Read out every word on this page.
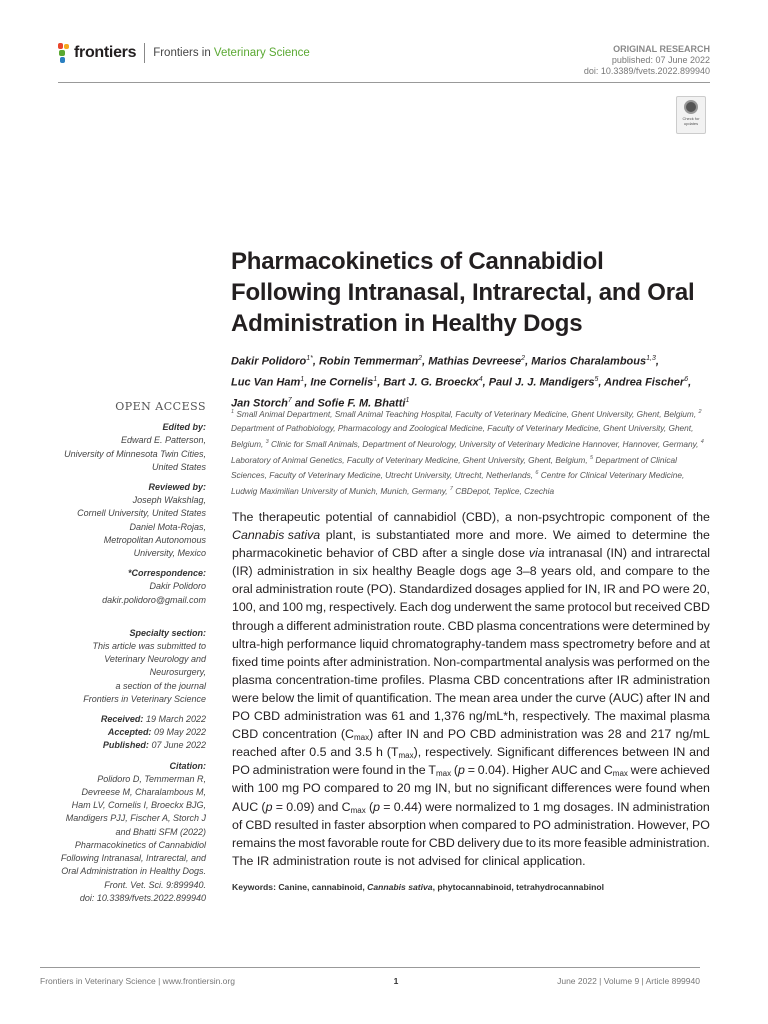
frontiers Frontiers in Veterinary Science	ORIGINAL RESEARCH
published: 07 June 2022
doi: 10.3389/fvets.2022.899940
Check for updates
Pharmacokinetics of Cannabidiol Following Intranasal, Intrarectal, and Oral Administration in Healthy Dogs
Dakir Polidoro$^{1*}$, Robin Temmerman$^2$, Mathias Devreese$^2$, Marios Charalambous$^{1,3}$,
Luc Van Ham$^1$, Ine Cornelis$^1$, Bart J. G. Broeckx$^4$, Paul J. J. Mandigers$^5$, Andrea Fischer$^6$,
Jan Storch$^7$ and Sofie F. M. Bhatti$^1$
$^1$ Small Animal Department, Small Animal Teaching Hospital, Faculty of Veterinary Medicine, Ghent University, Ghent, Belgium, $^2$ Department of Pathobiology, Pharmacology and Zoological Medicine, Faculty of Veterinary Medicine, Ghent University, Ghent, Belgium, $^3$ Clinic for Small Animals, Department of Neurology, University of Veterinary Medicine Hannover, Hannover, Germany, $^4$ Laboratory of Animal Genetics, Faculty of Veterinary Medicine, Ghent University, Ghent, Belgium, $^5$ Department of Clinical Sciences, Faculty of Veterinary Medicine, Utrecht University, Utrecht, Netherlands, $^6$ Centre for Clinical Veterinary Medicine, Ludwig Maximilian University of Munich, Munich, Germany, $^7$ CBDepot, Teplice, Czechia
OPEN ACCESS
Edited by:
Edward E. Patterson,
University of Minnesota Twin Cities,
United States
Reviewed by:
Joseph Wakshlag,
Cornell University, United States
Daniel Mota-Rojas,
Metropolitan Autonomous
University, Mexico
*Correspondence:
Dakir Polidoro
dakir.polidoro@gmail.com
Specialty section:
This article was submitted to
Veterinary Neurology and
Neurosurgery,
a section of the journal
Frontiers in Veterinary Science
Received: 19 March 2022
Accepted: 09 May 2022
Published: 07 June 2022
Citation:
Polidoro D, Temmerman R,
Devreese M, Charalambous M,
Ham LV, Cornelis I, Broeckx BJG,
Mandigers PJJ, Fischer A, Storch J
and Bhatti SFM (2022)
Pharmacokinetics of Cannabidiol
Following Intranasal, Intrarectal, and
Oral Administration in Healthy Dogs.
Front. Vet. Sci. 9:899940.
doi: 10.3389/fvets.2022.899940
The therapeutic potential of cannabidiol (CBD), a non-psychtropic component of the
Cannabis sativa plant, is substantiated more and more. We aimed to determine the
pharmacokinetic behavior of CBD after a single dose via intranasal (IN) and intrarectal
(IR) administration in six healthy Beagle dogs age 3–8 years old, and compare to the
oral administration route (PO). Standardized dosages applied for IN, IR and PO were 20,
100, and 100 mg, respectively. Each dog underwent the same protocol but received CBD
through a different administration route. CBD plasma concentrations were determined by
ultra-high performance liquid chromatography-tandem mass spectrometry before and at
fixed time points after administration. Non-compartmental analysis was performed on the
plasma concentration-time profiles. Plasma CBD concentrations after IR administration
were below the limit of quantification. The mean area under the curve (AUC) after IN and
PO CBD administration was 61 and 1,376 ng/mL*h, respectively. The maximal plasma
CBD concentration $(C_{max})$ after IN and PO CBD administration was 28 and 217 ng/mL
reached after 0.5 and 3.5 h $(T_{max})$, respectively. Significant differences between IN and
PO administration were found in the $T_{max}$ (p = 0.04). Higher AUC and $C_{max}$ were achieved
with 100 mg PO compared to 20 mg IN, but no significant differences were found when
AUC (p = 0.09) and $C_{max}$ (p = 0.44) were normalized to 1 mg dosages. IN administration
of CBD resulted in faster absorption when compared to PO administration. However, PO
remains the most favorable route for CBD delivery due to its more feasible administration.
The IR administration route is not advised for clinical application.
Keywords: Canine, cannabinoid, Cannabis sativa, phytocannabinoid, tetrahydrocannabinol
Frontiers in Veterinary Science | www.frontiersin.org	1	June 2022 | Volume 9 | Article 899940
